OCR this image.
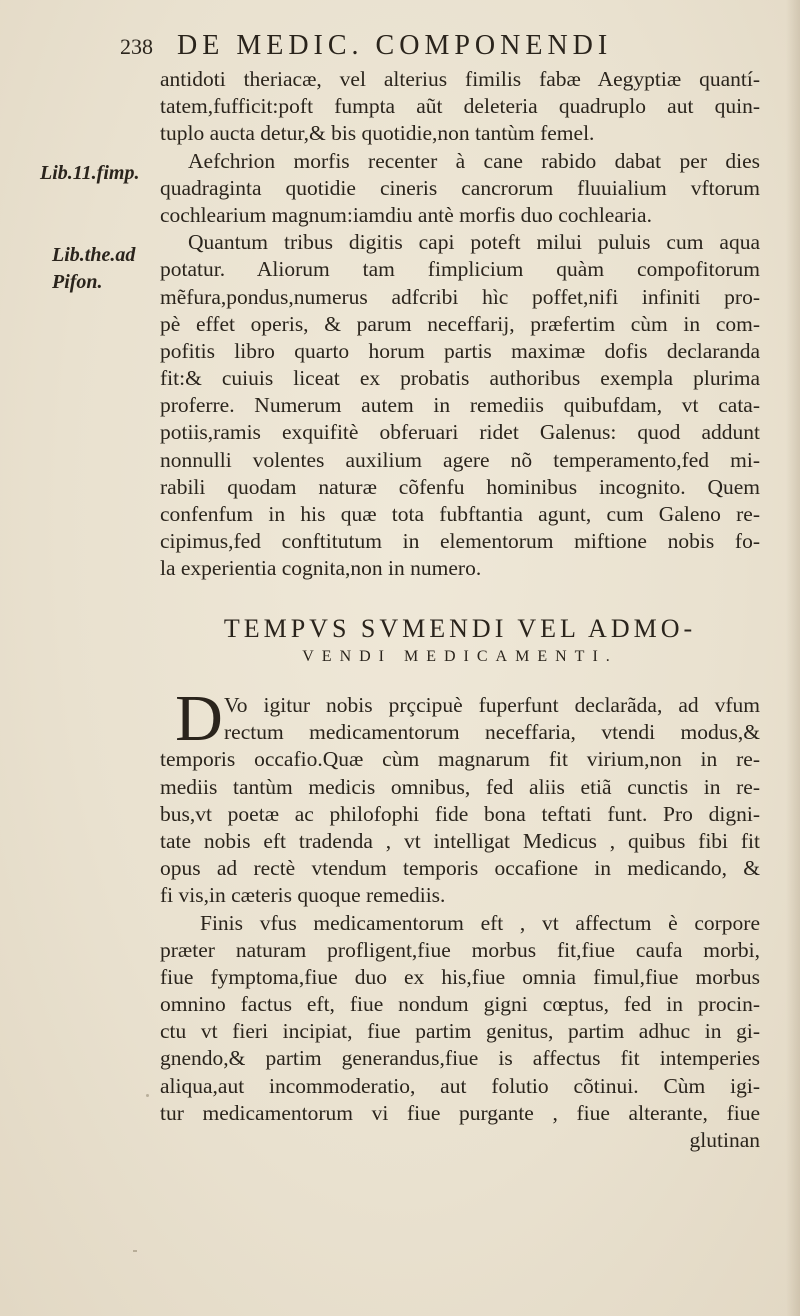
238 DE MEDIC. COMPONENDI
Lib.11.fimp.
Lib.the.ad
Pifon.
antidoti theriacæ, vel alterius fimilis fabæ Aegyptiæ quantí-
tatem,fufficit:poft fumpta aũt deleteria quadruplo aut quin-
tuplo aucta detur,& bis quotidie,non tantùm femel.
Aefchrion morfis recenter à cane rabido dabat per dies
quadraginta quotidie cineris cancrorum fluuialium vftorum
cochlearium magnum:iamdiu antè morfis duo cochlearia.
Quantum tribus digitis capi poteft milui puluis cum aqua
potatur. Aliorum tam fimplicium quàm compofitorum
mẽfura,pondus,numerus adfcribi hìc poffet,nifi infiniti pro-
pè effet operis, & parum neceffarij, præfertim cùm in com-
pofitis libro quarto horum partis maximæ dofis declaranda
fit:& cuiuis liceat ex probatis authoribus exempla plurima
proferre. Numerum autem in remediis quibufdam, vt cata-
potiis,ramis exquifitè obferuari ridet Galenus: quod addunt
nonnulli volentes auxilium agere nõ temperamento,fed mi-
rabili quodam naturæ cõfenfu hominibus incognito. Quem
confenfum in his quæ tota fubftantia agunt, cum Galeno re-
cipimus,fed conftitutum in elementorum miftione nobis fo-
la experientia cognita,non in numero.
TEMPVS SVMENDI VEL ADMO-
VENDI MEDICAMENTI.
D Vo igitur nobis prçcipuè fuperfunt declarãda, ad vfum
rectum medicamentorum neceffaria, vtendi modus,&
temporis occafio.Quæ cùm magnarum fit virium,non in re-
mediis tantùm medicis omnibus, fed aliis etiã cunctis in re-
bus,vt poetæ ac philofophi fide bona teftati funt. Pro digni-
tate nobis eft tradenda , vt intelligat Medicus , quibus fibi fit
opus ad rectè vtendum temporis occafione in medicando, &
fi vis,in cæteris quoque remediis.
Finis vfus medicamentorum eft , vt affectum è corpore
præter naturam profligent,fiue morbus fit,fiue caufa morbi,
fiue fymptoma,fiue duo ex his,fiue omnia fimul,fiue morbus
omnino factus eft, fiue nondum gigni cœptus, fed in procin-
ctu vt fieri incipiat, fiue partim genitus, partim adhuc in gi-
gnendo,& partim generandus,fiue is affectus fit intemperies
aliqua,aut incommoderatio, aut folutio cõtinui. Cùm igi-
tur medicamentorum vi fiue purgante , fiue alterante, fiue
glutinan
